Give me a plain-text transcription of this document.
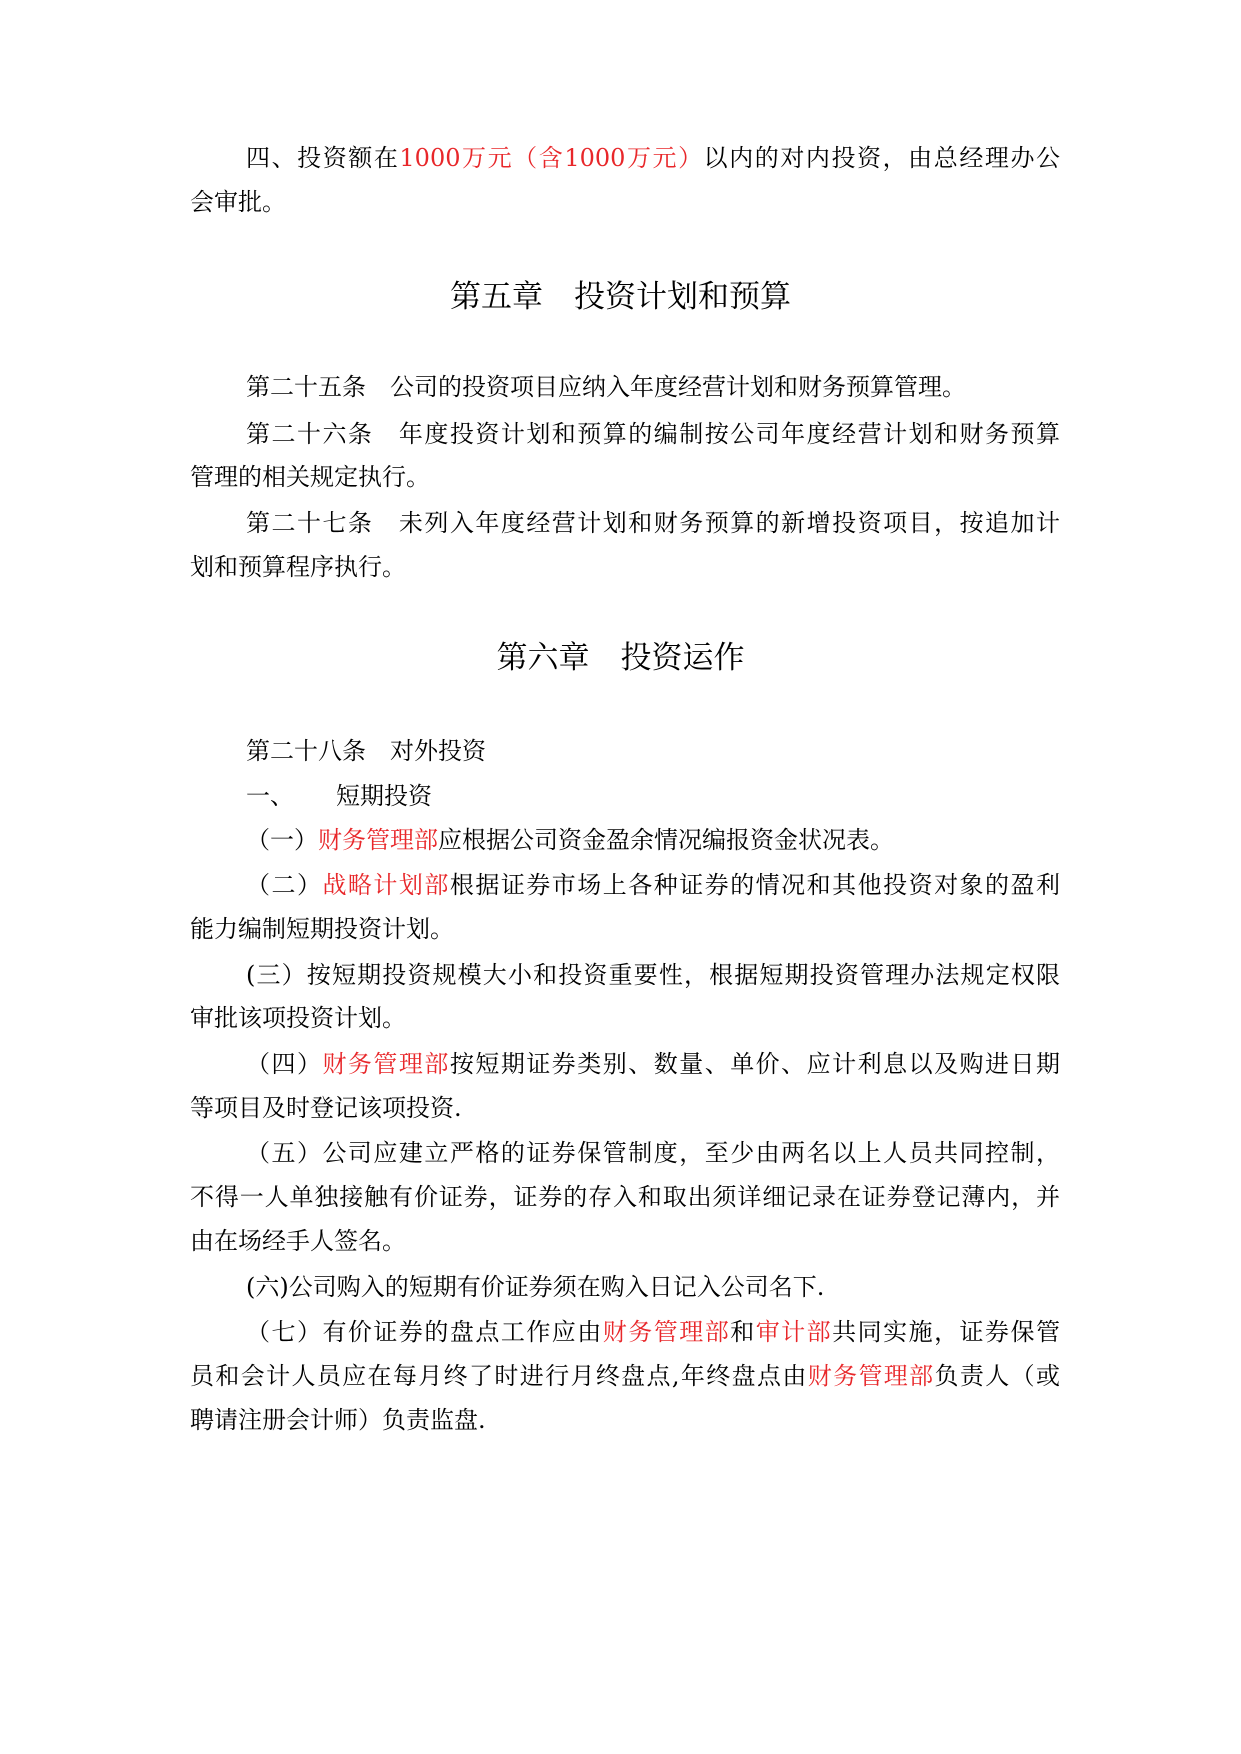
四、投资额在1000万元（含1000万元）以内的对内投资，由总经理办公
会审批。
第五章　投资计划和预算
第二十五条 公司的投资项目应纳入年度经营计划和财务预算管理。
第二十六条 年度投资计划和预算的编制按公司年度经营计划和财务预算
管理的相关规定执行。
第二十七条 未列入年度经营计划和财务预算的新增投资项目，按追加计
划和预算程序执行。
第六章　投资运作
第二十八条 对外投资
一、 短期投资
（一）财务管理部应根据公司资金盈余情况编报资金状况表。
（二）战略计划部根据证券市场上各种证券的情况和其他投资对象的盈利
能力编制短期投资计划。
(三）按短期投资规模大小和投资重要性，根据短期投资管理办法规定权限
审批该项投资计划。
（四）财务管理部按短期证券类别、数量、单价、应计利息以及购进日期
等项目及时登记该项投资.
（五）公司应建立严格的证券保管制度，至少由两名以上人员共同控制，
不得一人单独接触有价证券，证券的存入和取出须详细记录在证券登记薄内，并
由在场经手人签名。
(六)公司购入的短期有价证券须在购入日记入公司名下.
（七）有价证券的盘点工作应由财务管理部和审计部共同实施，证券保管
员和会计人员应在每月终了时进行月终盘点,年终盘点由财务管理部负责人（或
聘请注册会计师）负责监盘.
